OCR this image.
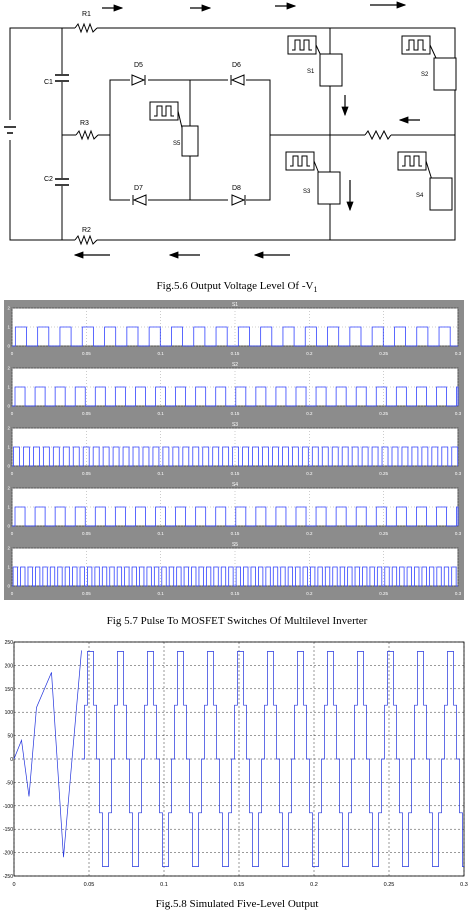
R1
R3
R2
C1
C2
D5	D6
D7	D8
S5
S1	S2
S3
S4
Fig.5.6 Output Voltage Level Of $-V_1$
S1
0	0.05	0.1	0.15	0.2	0.25	0.3
0
1
2
S2
0	0.05	0.1	0.15	0.2	0.25	0.3
0
1
2
S3
0	0.05	0.1	0.15	0.2	0.25	0.3
0
1
2
S4
0	0.05	0.1	0.15	0.2	0.25	0.3
0
1
2
S5
0	0.05	0.1	0.15	0.2	0.25	0.3
0
1
2
Fig 5.7 Pulse To MOSFET Switches Of Multilevel Inverter
250
200
150
100
50
0
-50
-100
-150
-200
-250
0	0.05	0.1	0.15	0.2	0.25	0.3
Fig.5.8 Simulated Five-Level Output
